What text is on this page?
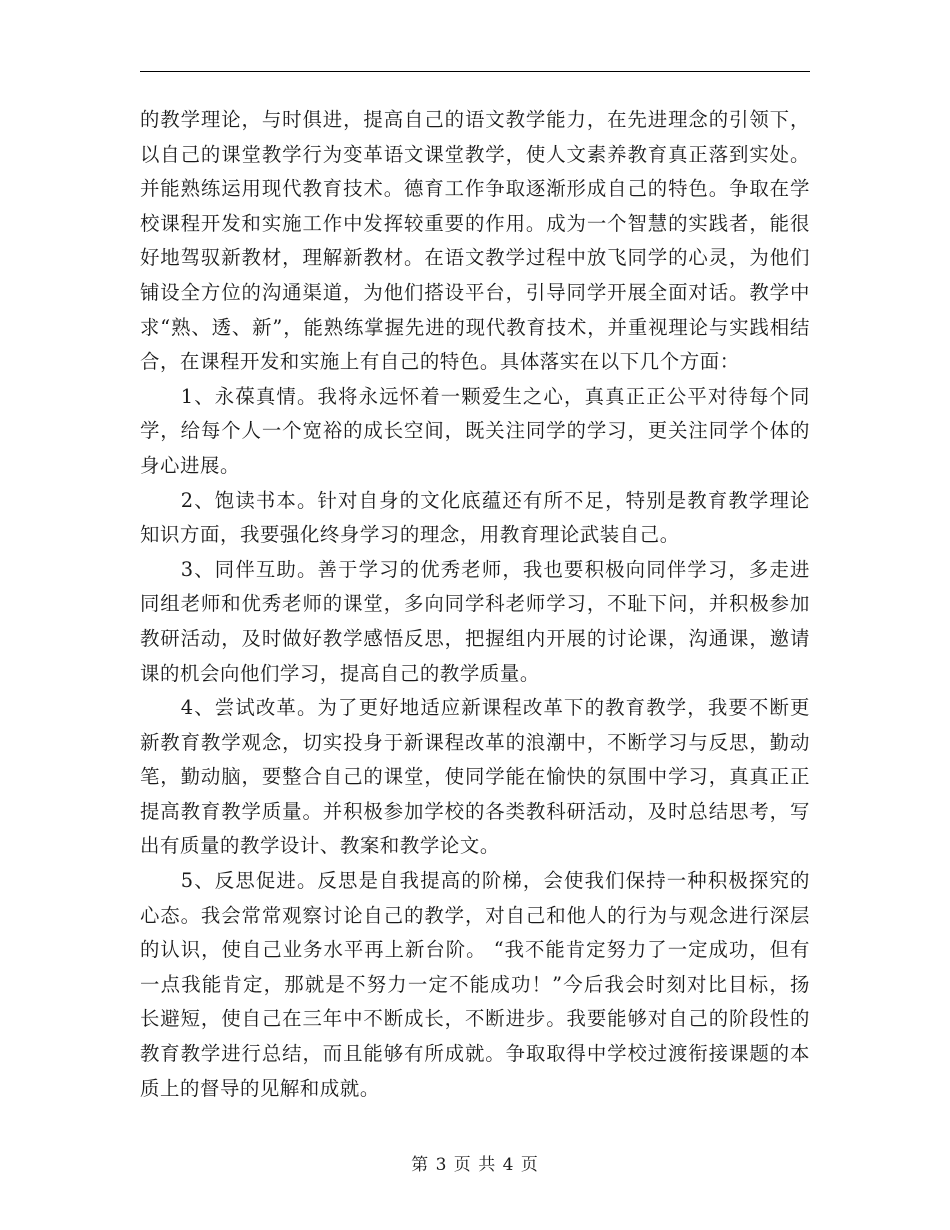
的教学理论，与时俱进，提高自己的语文教学能力，在先进理念的引领下，以自己的课堂教学行为变革语文课堂教学，使人文素养教育真正落到实处。并能熟练运用现代教育技术。德育工作争取逐渐形成自己的特色。争取在学校课程开发和实施工作中发挥较重要的作用。成为一个智慧的实践者，能很好地驾驭新教材，理解新教材。在语文教学过程中放飞同学的心灵，为他们铺设全方位的沟通渠道，为他们搭设平台，引导同学开展全面对话。教学中求“熟、透、新”，能熟练掌握先进的现代教育技术，并重视理论与实践相结合，在课程开发和实施上有自己的特色。具体落实在以下几个方面：

1、永葆真情。我将永远怀着一颗爱生之心，真真正正公平对待每个同学，给每个人一个宽裕的成长空间，既关注同学的学习，更关注同学个体的身心进展。

2、饱读书本。针对自身的文化底蕴还有所不足，特别是教育教学理论知识方面，我要强化终身学习的理念，用教育理论武装自己。

3、同伴互助。善于学习的优秀老师，我也要积极向同伴学习，多走进同组老师和优秀老师的课堂，多向同学科老师学习，不耻下问，并积极参加教研活动，及时做好教学感悟反思，把握组内开展的讨论课，沟通课，邀请课的机会向他们学习，提高自己的教学质量。

4、尝试改革。为了更好地适应新课程改革下的教育教学，我要不断更新教育教学观念，切实投身于新课程改革的浪潮中，不断学习与反思，勤动笔，勤动脑，要整合自己的课堂，使同学能在愉快的氛围中学习，真真正正提高教育教学质量。并积极参加学校的各类教科研活动，及时总结思考，写出有质量的教学设计、教案和教学论文。

5、反思促进。反思是自我提高的阶梯，会使我们保持一种积极探究的心态。我会常常观察讨论自己的教学，对自己和他人的行为与观念进行深层的认识，使自己业务水平再上新台阶。 “我不能肯定努力了一定成功，但有一点我能肯定，那就是不努力一定不能成功！”今后我会时刻对比目标，扬长避短，使自己在三年中不断成长，不断进步。我要能够对自己的阶段性的教育教学进行总结，而且能够有所成就。争取取得中学校过渡衔接课题的本质上的督导的见解和成就。

第 3 页 共 4 页
